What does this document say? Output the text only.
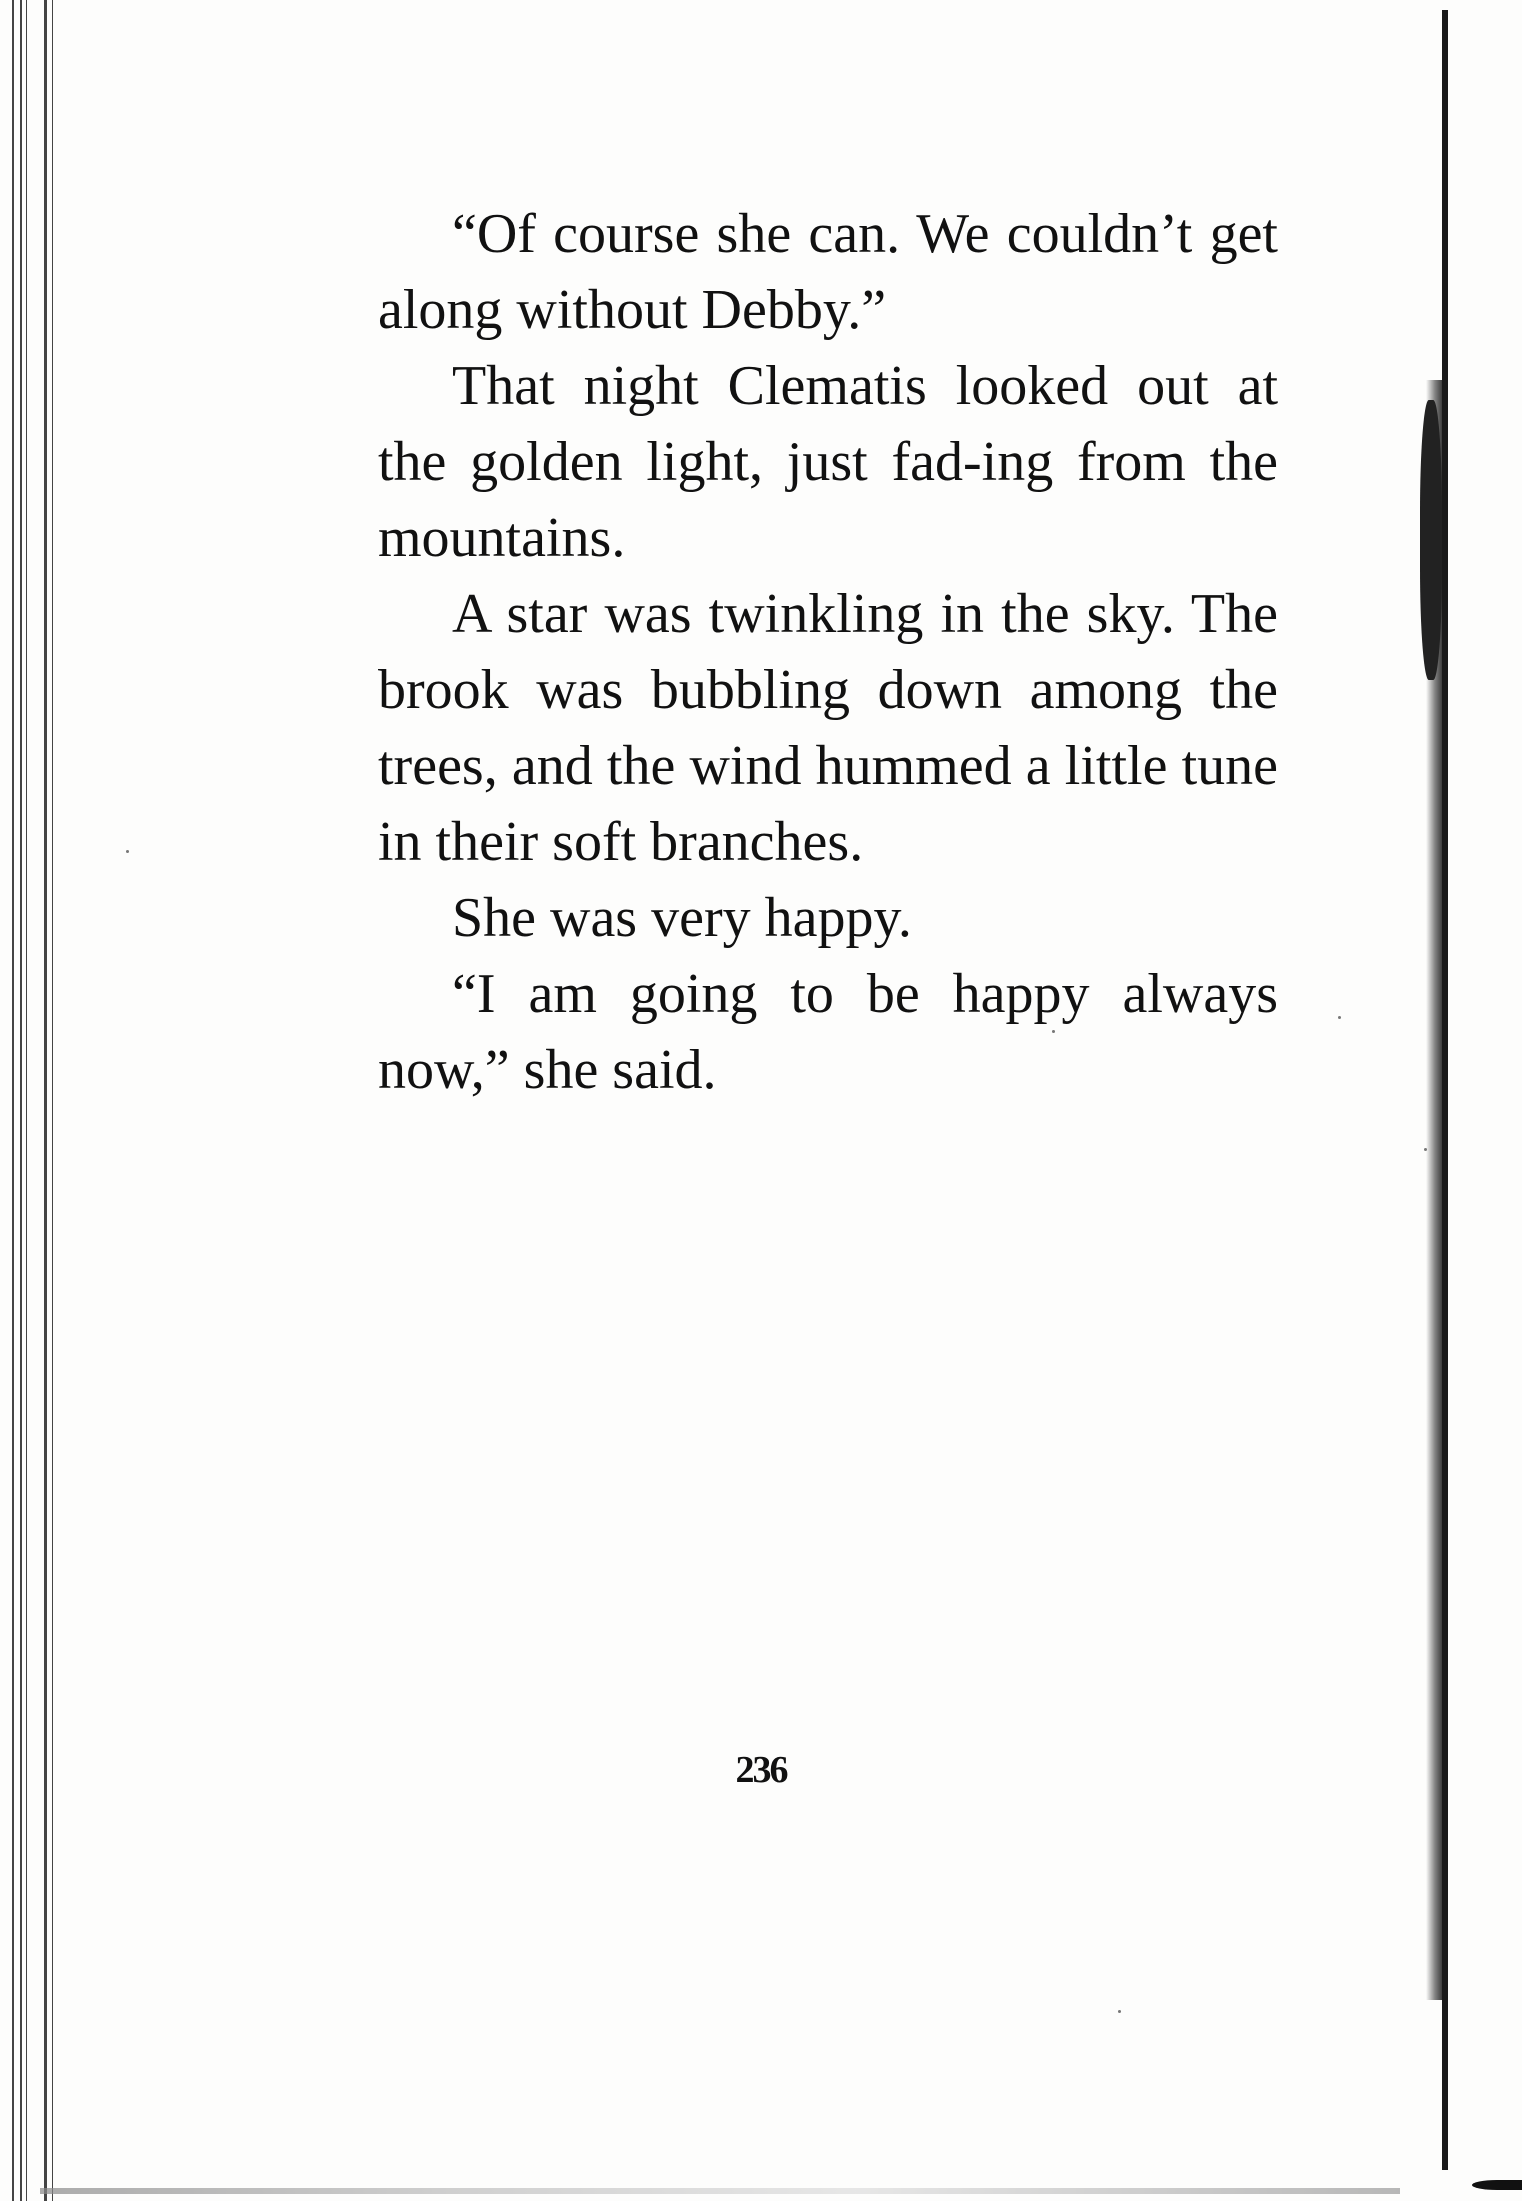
“Of course she can. We couldn’t get along without Debby.”

That night Clematis looked out at the golden light, just fad-ing from the mountains.

A star was twinkling in the sky. The brook was bubbling down among the trees, and the wind hummed a little tune in their soft branches.

She was very happy.

“I am going to be happy always now,” she said.

236
